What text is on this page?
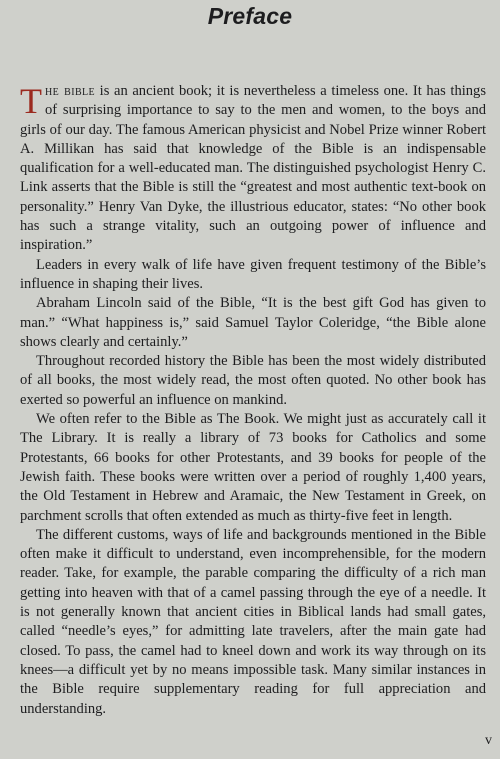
Preface

The bible is an ancient book; it is nevertheless a timeless one. It has things of surprising importance to say to the men and women, to the boys and girls of our day. The famous American physicist and Nobel Prize winner Robert A. Millikan has said that knowledge of the Bible is an indispensable qualification for a well-educated man. The distinguished psychologist Henry C. Link asserts that the Bible is still the “greatest and most authentic text-book on personality.” Henry Van Dyke, the illustrious educator, states: “No other book has such a strange vitality, such an outgoing power of influence and inspiration.”

Leaders in every walk of life have given frequent testimony of the Bible’s influence in shaping their lives.

Abraham Lincoln said of the Bible, “It is the best gift God has given to man.” “What happiness is,” said Samuel Taylor Coleridge, “the Bible alone shows clearly and certainly.”

Throughout recorded history the Bible has been the most widely distributed of all books, the most widely read, the most often quoted. No other book has exerted so powerful an influence on mankind.

We often refer to the Bible as The Book. We might just as accurately call it The Library. It is really a library of 73 books for Catholics and some Protestants, 66 books for other Protestants, and 39 books for people of the Jewish faith. These books were written over a period of roughly 1,400 years, the Old Testament in Hebrew and Aramaic, the New Testament in Greek, on parchment scrolls that often extended as much as thirty-five feet in length.

The different customs, ways of life and backgrounds mentioned in the Bible often make it difficult to understand, even incomprehensible, for the modern reader. Take, for example, the parable comparing the difficulty of a rich man getting into heaven with that of a camel passing through the eye of a needle. It is not generally known that ancient cities in Biblical lands had small gates, called “needle’s eyes,” for admitting late travelers, after the main gate had closed. To pass, the camel had to kneel down and work its way through on its knees—a difficult yet by no means impossible task. Many similar instances in the Bible require supplementary reading for full appreciation and understanding.

v
